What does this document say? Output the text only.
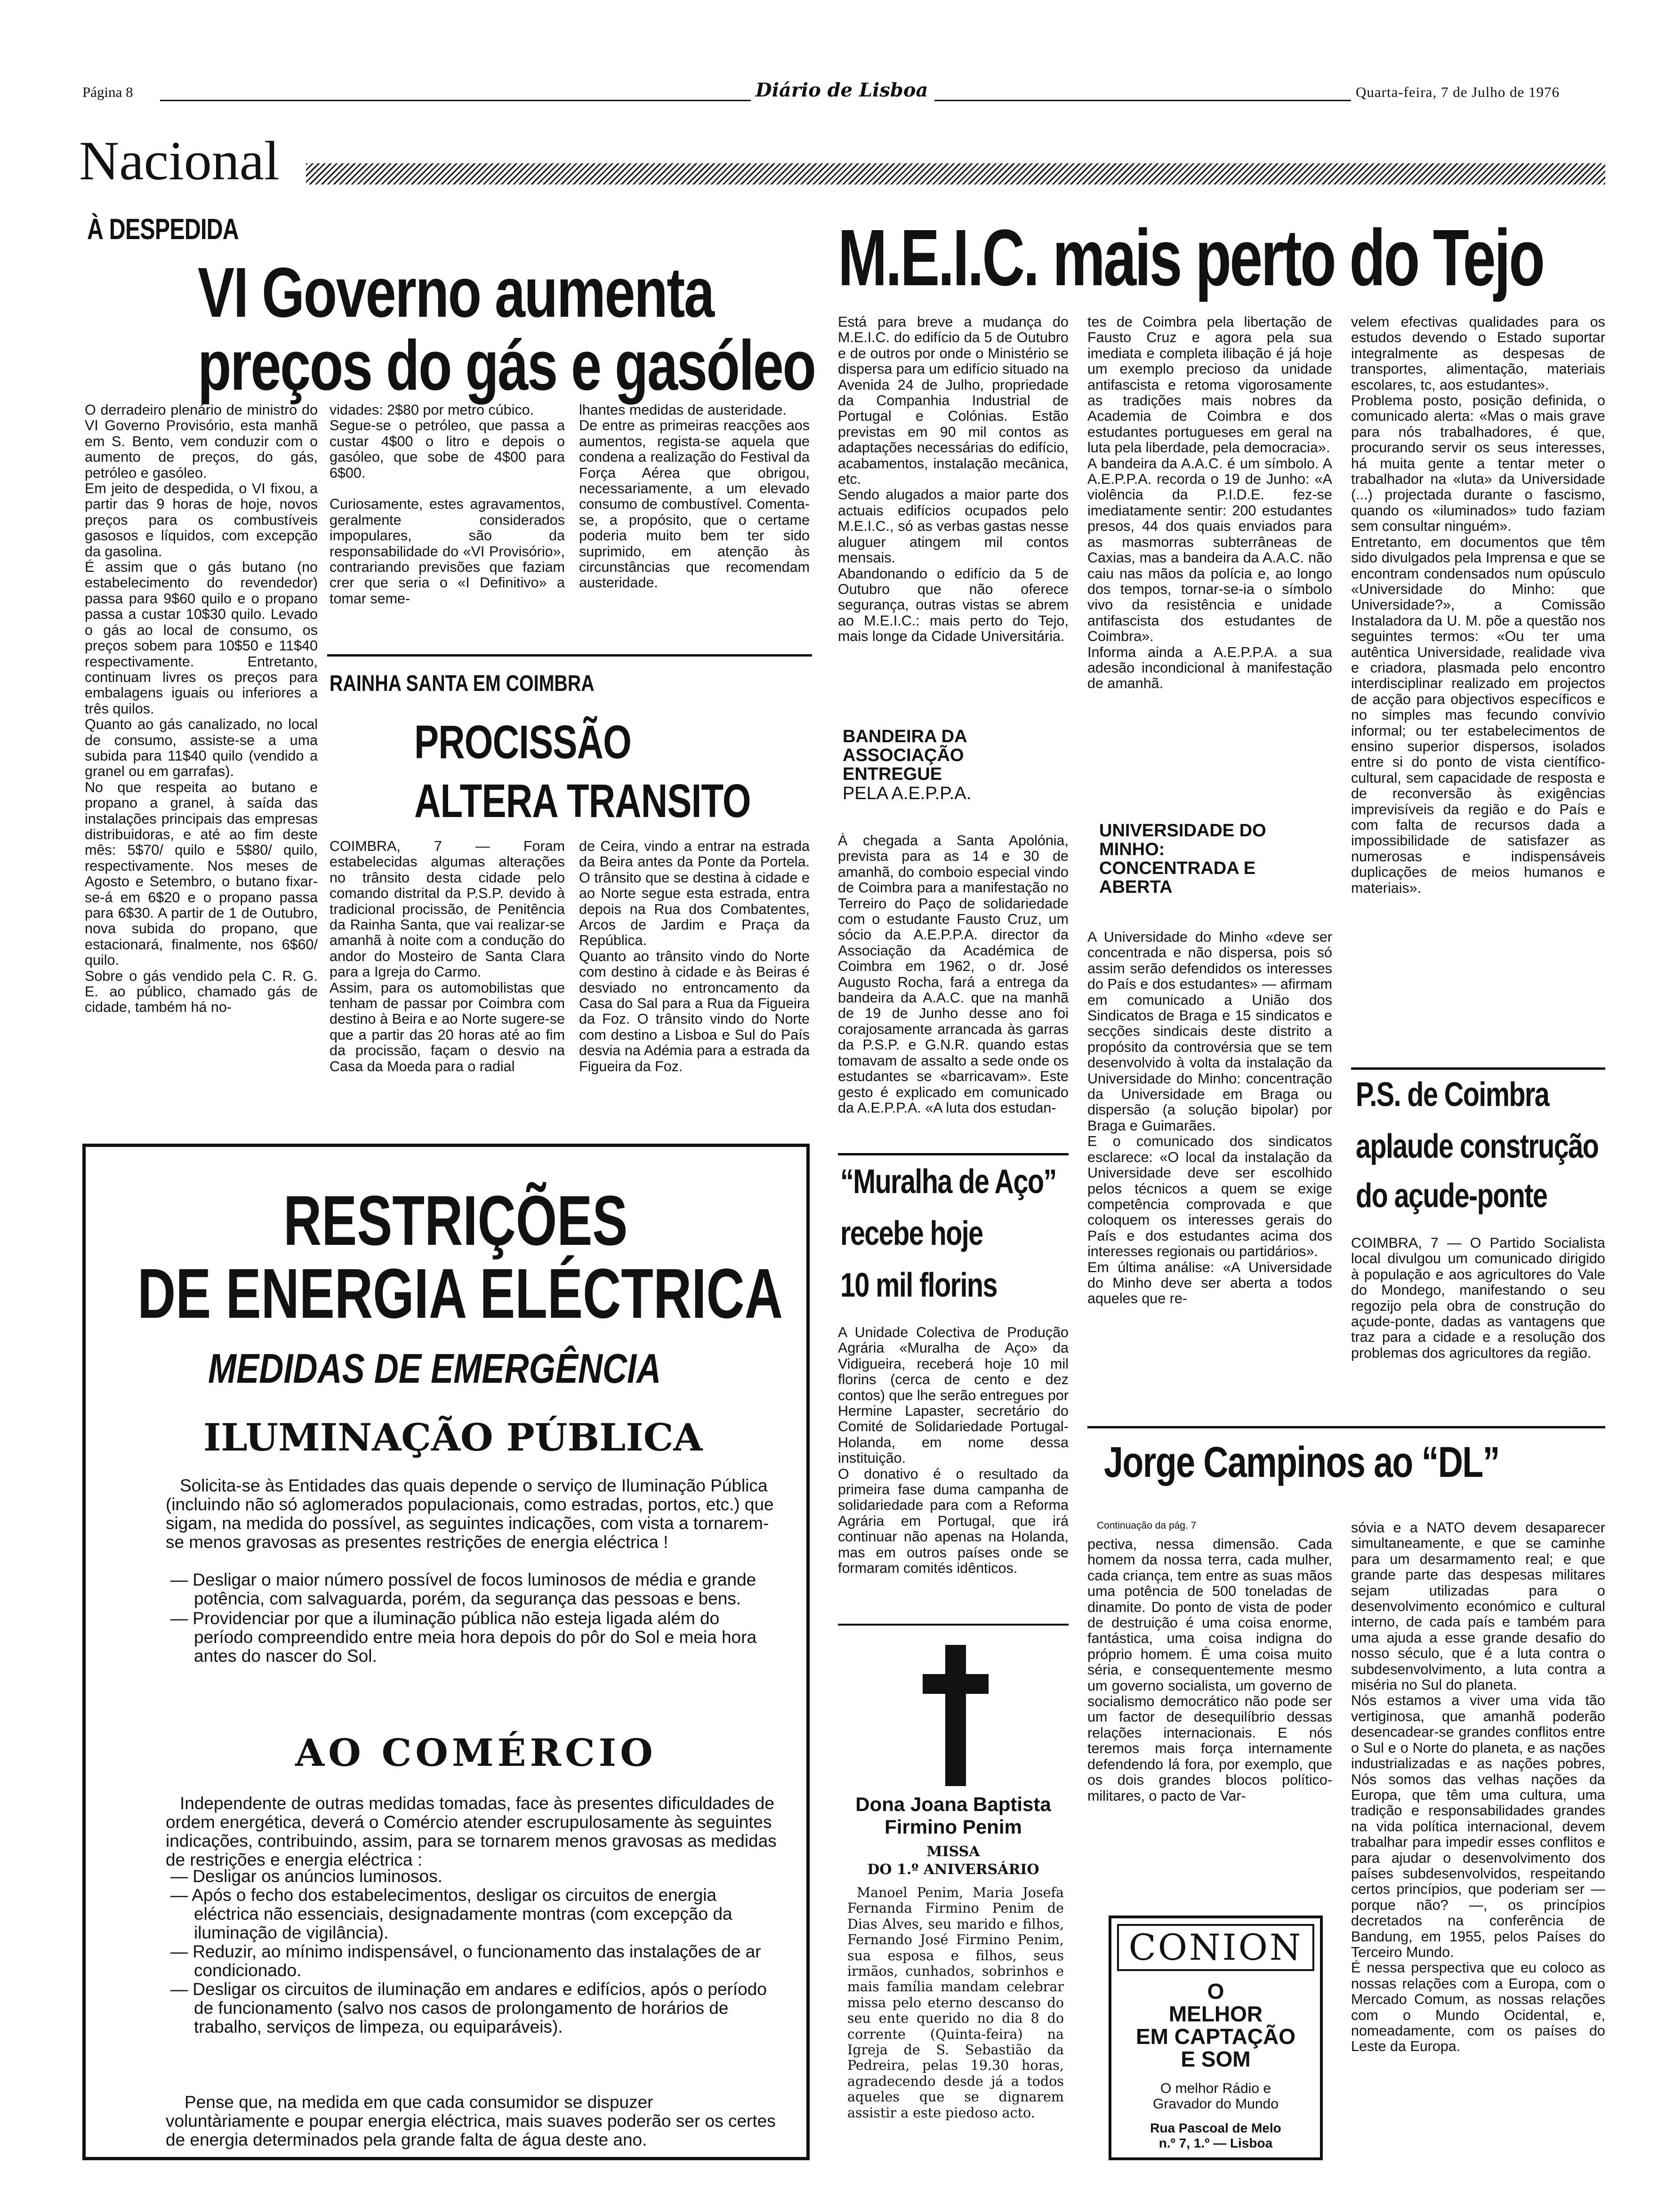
Página 8	Diário de Lisboa	Quarta-feira, 7 de Julho de 1976
Nacional
À DESPEDIDA
VI Governo aumenta
preços do gás e gasóleo
O derradeiro plenário de ministro do VI Governo Provisório, esta manhã em S. Bento, vem conduzir com o aumento de preços, do gás, petróleo e gasóleo.
Em jeito de despedida, o VI fixou, a partir das 9 horas de hoje, novos preços para os combustíveis gasosos e líquidos, com excepção da gasolina.
É assim que o gás butano (no estabelecimento do revendedor) passa para 9$60 quilo e o propano passa a custar 10$30 quilo. Levado o gás ao local de consumo, os preços sobem para 10$50 e 11$40 respectivamente. Entretanto, continuam livres os preços para embalagens iguais ou inferiores a três quilos.
Quanto ao gás canalizado, no local de consumo, assiste-se a uma subida para 11$40 quilo (vendido a granel ou em garrafas).
No que respeita ao butano e propano a granel, à saída das instalações principais das empresas distribuidoras, e até ao fim deste mês: 5$70/ quilo e 5$80/ quilo, respectivamente. Nos meses de Agosto e Setembro, o butano fixar-se-á em 6$20 e o propano passa para 6$30. A partir de 1 de Outubro, nova subida do propano, que estacionará, finalmente, nos 6$60/ quilo.
Sobre o gás vendido pela C. R. G. E. ao público, chamado gás de cidade, também há no-
vidades: 2$80 por metro cúbico.
Segue-se o petróleo, que passa a custar 4$00 o litro e depois o gasóleo, que sobe de 4$00 para 6$00.

Curiosamente, estes agravamentos, geralmente considerados impopulares, são da responsabilidade do «VI Provisório», contrariando previsões que faziam crer que seria o «I Definitivo» a tomar seme-
lhantes medidas de austeridade.
De entre as primeiras reacções aos aumentos, regista-se aquela que condena a realização do Festival da Força Aérea que obrigou, necessariamente, a um elevado consumo de combustível. Comenta-se, a propósito, que o certame poderia muito bem ter sido suprimido, em atenção às circunstâncias que recomendam austeridade.
RAINHA SANTA EM COIMBRA
PROCISSÃO
ALTERA TRANSITO
COIMBRA, 7 — Foram estabelecidas algumas alterações no trânsito desta cidade pelo comando distrital da P.S.P. devido à tradicional procissão, de Penitência da Rainha Santa, que vai realizar-se amanhã à noite com a condução do andor do Mosteiro de Santa Clara para a Igreja do Carmo.
Assim, para os automobilistas que tenham de passar por Coimbra com destino à Beira e ao Norte sugere-se que a partir das 20 horas até ao fim da procissão, façam o desvio na Casa da Moeda para o radial
de Ceira, vindo a entrar na estrada da Beira antes da Ponte da Portela. O trânsito que se destina à cidade e ao Norte segue esta estrada, entra depois na Rua dos Combatentes, Arcos de Jardim e Praça da República.
Quanto ao trânsito vindo do Norte com destino à cidade e às Beiras é desviado no entroncamento da Casa do Sal para a Rua da Figueira da Foz. O trânsito vindo do Norte com destino a Lisboa e Sul do País desvia na Adémia para a estrada da Figueira da Foz.
RESTRIÇÕES
DE ENERGIA ELÉCTRICA
MEDIDAS DE EMERGÊNCIA
ILUMINAÇÃO PÚBLICA
Solicita-se às Entidades das quais depende o serviço de Iluminação Pública (incluindo não só aglomerados populacionais, como estradas, portos, etc.) que sigam, na medida do possível, as seguintes indicações, com vista a tornarem-se menos gravosas as presentes restrições de energia eléctrica !
— Desligar o maior número possível de focos luminosos de média e grande potência, com salvaguarda, porém, da segurança das pessoas e bens.
— Providenciar por que a iluminação pública não esteja ligada além do período compreendido entre meia hora depois do pôr do Sol e meia hora antes do nascer do Sol.
AO COMÉRCIO
Independente de outras medidas tomadas, face às presentes dificuldades de ordem energética, deverá o Comércio atender escrupulosamente às seguintes indicações, contribuindo, assim, para se tornarem menos gravosas as medidas de restrições e energia eléctrica :
— Desligar os anúncios luminosos.
— Após o fecho dos estabelecimentos, desligar os circuitos de energia eléctrica não essenciais, designadamente montras (com excepção da iluminação de vigilância).
— Reduzir, ao mínimo indispensável, o funcionamento das instalações de ar condicionado.
— Desligar os circuitos de iluminação em andares e edifícios, após o período de funcionamento (salvo nos casos de prolongamento de horários de trabalho, serviços de limpeza, ou equiparáveis).
Pense que, na medida em que cada consumidor se dispuzer voluntàriamente e poupar energia eléctrica, mais suaves poderão ser os certes de energia determinados pela grande falta de água deste ano.
M.E.I.C. mais perto do Tejo
Está para breve a mudança do M.E.I.C. do edifício da 5 de Outubro e de outros por onde o Ministério se dispersa para um edifício situado na Avenida 24 de Julho, propriedade da Companhia Industrial de Portugal e Colónias. Estão previstas em 90 mil contos as adaptações necessárias do edifício, acabamentos, instalação mecânica, etc.
Sendo alugados a maior parte dos actuais edifícios ocupados pelo M.E.I.C., só as verbas gastas nesse aluguer atingem mil contos mensais.
Abandonando o edifício da 5 de Outubro que não oferece segurança, outras vistas se abrem ao M.E.I.C.: mais perto do Tejo, mais longe da Cidade Universitária.
BANDEIRA DA ASSOCIAÇÃO ENTREGUE
PELA A.E.P.P.A.
À chegada a Santa Apolónia, prevista para as 14 e 30 de amanhã, do comboio especial vindo de Coimbra para a manifestação no Terreiro do Paço de solidariedade com o estudante Fausto Cruz, um sócio da A.E.P.P.A. director da Associação da Académica de Coimbra em 1962, o dr. José Augusto Rocha, fará a entrega da bandeira da A.A.C. que na manhã de 19 de Junho desse ano foi corajosamente arrancada às garras da P.S.P. e G.N.R. quando estas tomavam de assalto a sede onde os estudantes se «barricavam». Este gesto é explicado em comunicado da A.E.P.P.A. «A luta dos estudan-
tes de Coimbra pela libertação de Fausto Cruz e agora pela sua imediata e completa ilibação é já hoje um exemplo precioso da unidade antifascista e retoma vigorosamente as tradições mais nobres da Academia de Coimbra e dos estudantes portugueses em geral na luta pela liberdade, pela democracia».
A bandeira da A.A.C. é um símbolo. A A.E.P.P.A. recorda o 19 de Junho: «A violência da P.I.D.E. fez-se imediatamente sentir: 200 estudantes presos, 44 dos quais enviados para as masmorras subterrâneas de Caxias, mas a bandeira da A.A.C. não caiu nas mãos da polícia e, ao longo dos tempos, tornar-se-ia o símbolo vivo da resistência e unidade antifascista dos estudantes de Coimbra».
Informa ainda a A.E.P.P.A. a sua adesão incondicional à manifestação de amanhã.
UNIVERSIDADE DO MINHO: CONCENTRADA E ABERTA
A Universidade do Minho «deve ser concentrada e não dispersa, pois só assim serão defendidos os interesses do País e dos estudantes» — afirmam em comunicado a União dos Sindicatos de Braga e 15 sindicatos e secções sindicais deste distrito a propósito da controvérsia que se tem desenvolvido à volta da instalação da Universidade do Minho: concentração da Universidade em Braga ou dispersão (a solução bipolar) por Braga e Guimarães.
E o comunicado dos sindicatos esclarece: «O local da instalação da Universidade deve ser escolhido pelos técnicos a quem se exige competência comprovada e que coloquem os interesses gerais do País e dos estudantes acima dos interesses regionais ou partidários».
Em última análise: «A Universidade do Minho deve ser aberta a todos aqueles que re-
velem efectivas qualidades para os estudos devendo o Estado suportar integralmente as despesas de transportes, alimentação, materiais escolares, tc, aos estudantes».
Problema posto, posição definida, o comunicado alerta: «Mas o mais grave para nós trabalhadores, é que, procurando servir os seus interesses, há muita gente a tentar meter o trabalhador na «luta» da Universidade (...) projectada durante o fascismo, quando os «iluminados» tudo faziam sem consultar ninguém».
Entretanto, em documentos que têm sido divulgados pela Imprensa e que se encontram condensados num opúsculo «Universidade do Minho: que Universidade?», a Comissão Instaladora da U. M. põe a questão nos seguintes termos: «Ou ter uma autêntica Universidade, realidade viva e criadora, plasmada pelo encontro interdisciplinar realizado em projectos de acção para objectivos específicos e no simples mas fecundo convívio informal; ou ter estabelecimentos de ensino superior dispersos, isolados entre si do ponto de vista científico-cultural, sem capacidade de resposta e de reconversão às exigências imprevisíveis da região e do País e com falta de recursos dada a impossibilidade de satisfazer as numerosas e indispensáveis duplicações de meios humanos e materiais».
P.S. de Coimbra
aplaude construção
do açude-ponte
COIMBRA, 7 — O Partido Socialista local divulgou um comunicado dirigido à população e aos agricultores do Vale do Mondego, manifestando o seu regozijo pela obra de construção do açude-ponte, dadas as vantagens que traz para a cidade e a resolução dos problemas dos agricultores da região.
“Muralha de Aço”
recebe hoje
10 mil florins
A Unidade Colectiva de Produção Agrária «Muralha de Aço» da Vidigueira, receberá hoje 10 mil florins (cerca de cento e dez contos) que lhe serão entregues por Hermine Lapaster, secretário do Comité de Solidariedade Portugal-Holanda, em nome dessa instituição.
O donativo é o resultado da primeira fase duma campanha de solidariedade para com a Reforma Agrária em Portugal, que irá continuar não apenas na Holanda, mas em outros países onde se formaram comités idênticos.
Dona Joana Baptista Firmino Penim
MISSA
DO 1.º ANIVERSÁRIO
Manoel Penim, Maria Josefa Fernanda Firmino Penim de Dias Alves, seu marido e filhos, Fernando José Firmino Penim, sua esposa e filhos, seus irmãos, cunhados, sobrinhos e mais família mandam celebrar missa pelo eterno descanso do seu ente querido no dia 8 do corrente (Quinta-feira) na Igreja de S. Sebastião da Pedreira, pelas 19.30 horas, agradecendo desde já a todos aqueles que se dignarem assistir a este piedoso acto.
Jorge Campinos ao “DL”
Continuação da pág. 7
pectiva, nessa dimensão. Cada homem da nossa terra, cada mulher, cada criança, tem entre as suas mãos uma potência de 500 toneladas de dinamite. Do ponto de vista de poder de destruição é uma coisa enorme, fantástica, uma coisa indigna do próprio homem. É uma coisa muito séria, e consequentemente mesmo um governo socialista, um governo de socialismo democrático não pode ser um factor de desequilíbrio dessas relações internacionais. E nós teremos mais força internamente defendendo lá fora, por exemplo, que os dois grandes blocos político-militares, o pacto de Var-
sóvia e a NATO devem desaparecer simultaneamente, e que se caminhe para um desarmamento real; e que grande parte das despesas militares sejam utilizadas para o desenvolvimento económico e cultural interno, de cada país e também para uma ajuda a esse grande desafio do nosso século, que é a luta contra o subdesenvolvimento, a luta contra a miséria no Sul do planeta.
Nós estamos a viver uma vida tão vertiginosa, que amanhã poderão desencadear-se grandes conflitos entre o Sul e o Norte do planeta, e as nações industrializadas e as nações pobres, Nós somos das velhas nações da Europa, que têm uma cultura, uma tradição e responsabilidades grandes na vida política internacional, devem trabalhar para impedir esses conflitos e para ajudar o desenvolvimento dos países subdesenvolvidos, respeitando certos princípios, que poderiam ser — porque não? —, os princípios decretados na conferência de Bandung, em 1955, pelos Países do Terceiro Mundo.
É nessa perspectiva que eu coloco as nossas relações com a Europa, com o Mercado Comum, as nossas relações com o Mundo Ocidental, e, nomeadamente, com os países do Leste da Europa.
CONION
O
MELHOR
EM CAPTAÇÃO
E SOM
O melhor Rádio e Gravador do Mundo
Rua Pascoal de Melo
n.º 7, 1.º — Lisboa
